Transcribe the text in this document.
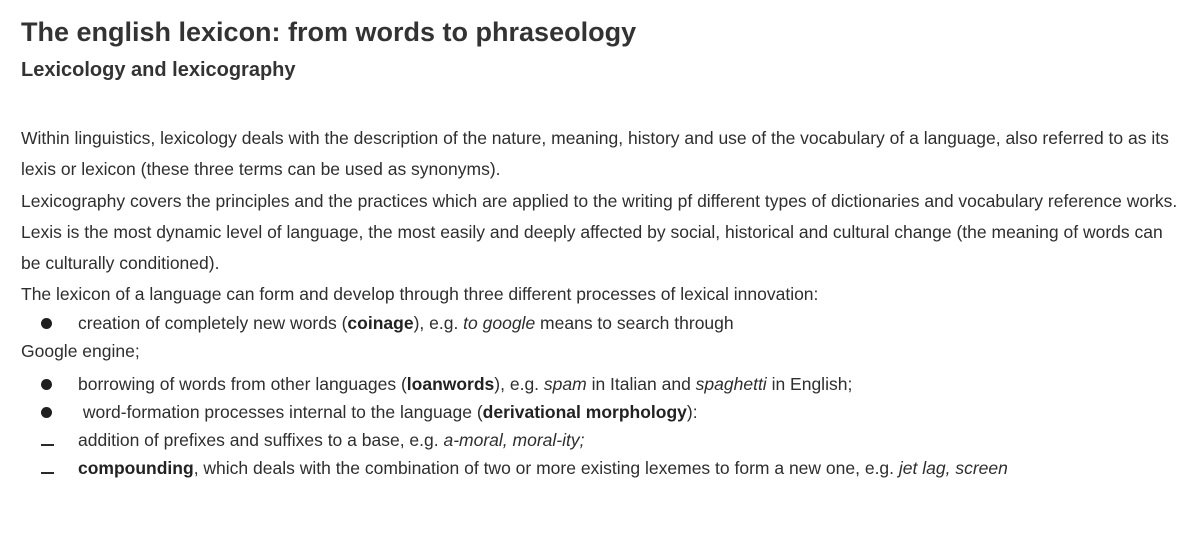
The english lexicon: from words to phraseology
Lexicology and lexicography

Within linguistics, lexicology deals with the description of the nature, meaning, history and use of the vocabulary of a language, also referred to as its lexis or lexicon (these three terms can be used as synonyms).

Lexicography covers the principles and the practices which are applied to the writing pf different types of dictionaries and vocabulary reference works.

Lexis is the most dynamic level of language, the most easily and deeply affected by social, historical and cultural change (the meaning of words can be culturally conditioned).

The lexicon of a language can form and develop through three different processes of lexical innovation:

creation of completely new words (coinage), e.g. to google means to search through

Google engine;

borrowing of words from other languages (loanwords), e.g. spam in Italian and spaghetti in English;
word-formation processes internal to the language (derivational morphology):
addition of prefixes and suffixes to a base, e.g. a-moral, moral-ity;
compounding, which deals with the combination of two or more existing lexemes to form a new one, e.g. jet lag, screen
